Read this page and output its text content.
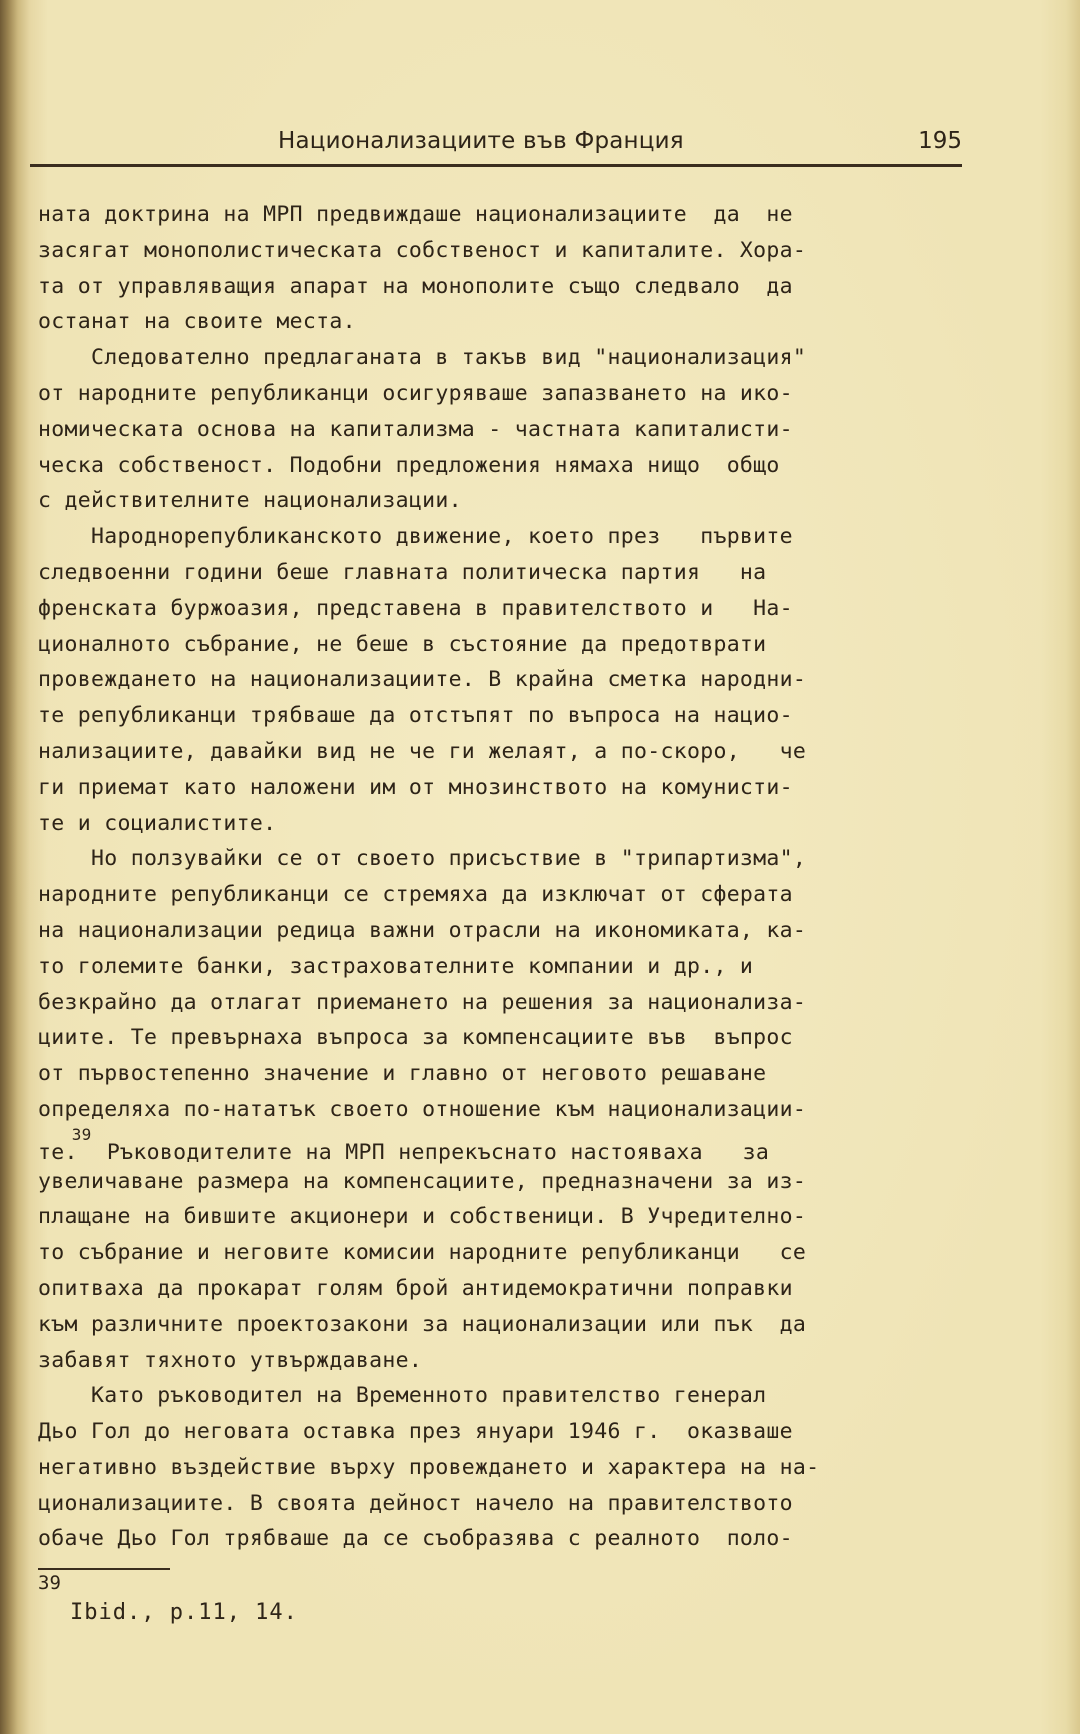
Национализациите във Франция	195
ната доктрина на МРП предвиждаше национализациите  да  не
засягат монополистическата собственост и капиталите. Хора-
та от управляващия апарат на монополите също следвало  да
останат на своите места.
Следователно предлаганата в такъв вид "национализация"
от народните републиканци осигуряваше запазването на ико-
номическата основа на капитализма - частната капиталисти-
ческа собственост. Подобни предложения нямаха нищо  общо
с действителните национализации.
Народнорепубликанското движение, което през   първите
следвоенни години беше главната политическа партия   на
френската буржоазия, представена в правителството и   На-
ционалното събрание, не беше в състояние да предотврати
провеждането на национализациите. В крайна сметка народни-
те републиканци трябваше да отстъпят по въпроса на нацио-
нализациите, давайки вид не че ги желаят, а по-скоро,   че
ги приемат като наложени им от мнозинството на комунисти-
те и социалистите.
Но ползувайки се от своето присъствие в "трипартизма",
народните републиканци се стремяха да изключат от сферата
на национализации редица важни отрасли на икономиката, ка-
то големите банки, застрахователните компании и др., и
безкрайно да отлагат приемането на решения за национализа-
циите. Те превърнаха въпроса за компенсациите във  въпрос
от първостепенно значение и главно от неговото решаване
определяха по-нататък своето отношение към национализации-
те.$^{39}$ Ръководителите на МРП непрекъснато настояваха   за
увеличаване размера на компенсациите, предназначени за из-
плащане на бившите акционери и собственици. В Учредително-
то събрание и неговите комисии народните републиканци   се
опитваха да прокарат голям брой антидемократични поправки
към различните проектозакони за национализации или пък  да
забавят тяхното утвърждаване.
Като ръководител на Временното правителство генерал
Дьо Гол до неговата оставка през януари 1946 г.  оказваше
негативно въздействие върху провеждането и характера на на-
ционализациите. В своята дейност начело на правителството
обаче Дьо Гол трябваше да се съобразява с реалното  поло-
39
Ibid., p.11, 14.
